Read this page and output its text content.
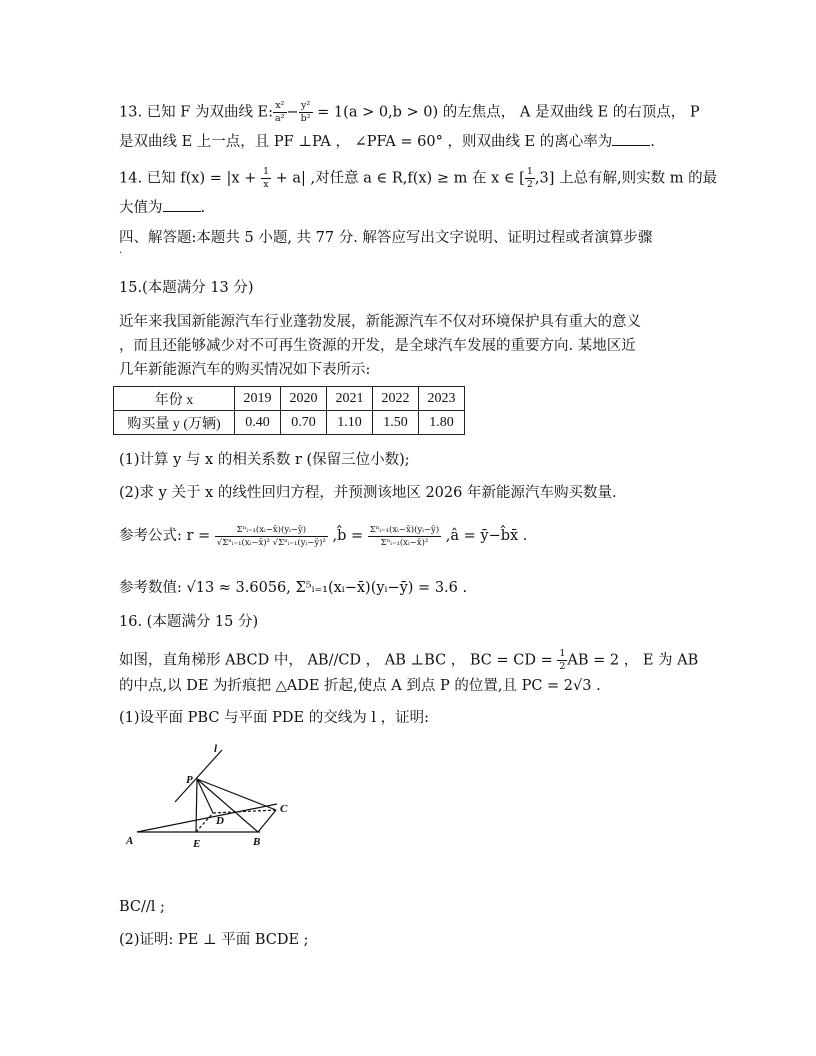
13. 已知 F 为双曲线 E: $\frac{\text{x²}}{\text{a²}} - \frac{\text{y²}}{\text{b²}} = 1(a > 0,b > 0)$ 的左焦点， A 是双曲线 E 的右顶点， P
是双曲线 E 上一点，且 PF ⊥PA ， ∠PFA = 60° ，则双曲线 E 的离心率为	.
14. 已知 $f(x) = |x + \frac{1}{x} + a|$ ,对任意 a ∈ R,f(x) ≥ m 在 x ∈ [ $\frac{1}{2} ,3$] 上总有解,则实数 m 的最
大值为	.
四、解答题:本题共 5 小题, 共 77 分. 解答应写出文字说明、证明过程或者演算步骤
.
15.(本题满分 13 分)
近年来我国新能源汽车行业蓬勃发展，新能源汽车不仅对环境保护具有重大的意义
，而且还能够减少对不可再生资源的开发，是全球汽车发展的重要方向. 某地区近
几年新能源汽车的购买情况如下表所示:
年份 x	2019	2020	2021	2022	2023
购买量 y (万辆)	0.40	0.70	1.10	1.50	1.80
(1)计算 y 与 x 的相关系数 r (保留三位小数);
(2)求 y 关于 x 的线性回归方程，并预测该地区 2026 年新能源汽车购买数量.
参考公式: $r = \frac{\text{Σⁿᵢ₌₁(xᵢ−x̄)(yᵢ−ȳ)}}{\text{√Σⁿᵢ₌₁(xᵢ−x̄)² √Σⁿᵢ₌₁(yᵢ−ȳ)²}}$ ,b̂ = $\frac{\text{Σⁿᵢ₌₁(xᵢ−x̄)(yᵢ−ȳ)}}{\text{Σⁿᵢ₌₁(xᵢ−x̄)²}}$ ,â = ȳ−b̂x̄ .
参考数值: √13 ≈ 3.6056, Σ⁵ᵢ₌₁(xᵢ−x̄)(yᵢ−ȳ) = 3.6 .
16. (本题满分 15 分)
如图，直角梯形 ABCD 中， AB//CD ， AB ⊥BC ， BC = CD = $\frac{1}{2}$ AB = 2 ， E 为 AB
的中点,以 DE 为折痕把 △ADE 折起,使点 A 到点 P 的位置,且 PC = 2√3 .
(1)设平面 PBC 与平面 PDE 的交线为 l ，证明:
l
P
C
D
A	E	B
BC//l ;
(2)证明: PE ⊥ 平面 BCDE ;
